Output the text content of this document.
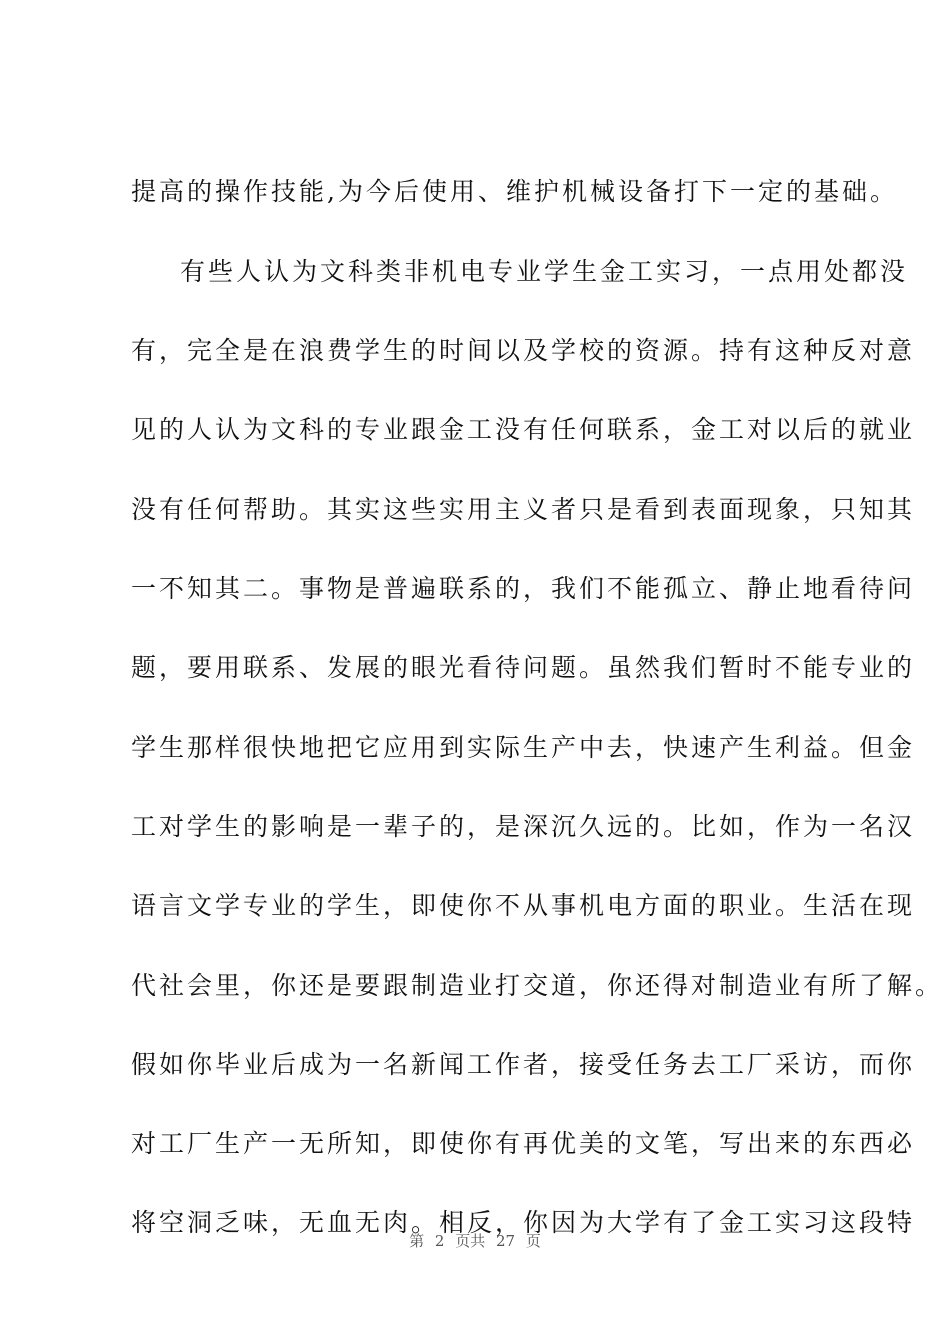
提高的操作技能,为今后使用、维护机械设备打下一定的基础。
有些人认为文科类非机电专业学生金工实习，一点用处都没
有，完全是在浪费学生的时间以及学校的资源。持有这种反对意
见的人认为文科的专业跟金工没有任何联系，金工对以后的就业
没有任何帮助。其实这些实用主义者只是看到表面现象，只知其
一不知其二。事物是普遍联系的，我们不能孤立、静止地看待问
题，要用联系、发展的眼光看待问题。虽然我们暂时不能专业的
学生那样很快地把它应用到实际生产中去，快速产生利益。但金
工对学生的影响是一辈子的，是深沉久远的。比如，作为一名汉
语言文学专业的学生，即使你不从事机电方面的职业。生活在现
代社会里，你还是要跟制造业打交道，你还得对制造业有所了解。
假如你毕业后成为一名新闻工作者，接受任务去工厂采访，而你
对工厂生产一无所知，即使你有再优美的文笔，写出来的东西必
将空洞乏味，无血无肉。相反，你因为大学有了金工实习这段特
第 2 页共 27 页
